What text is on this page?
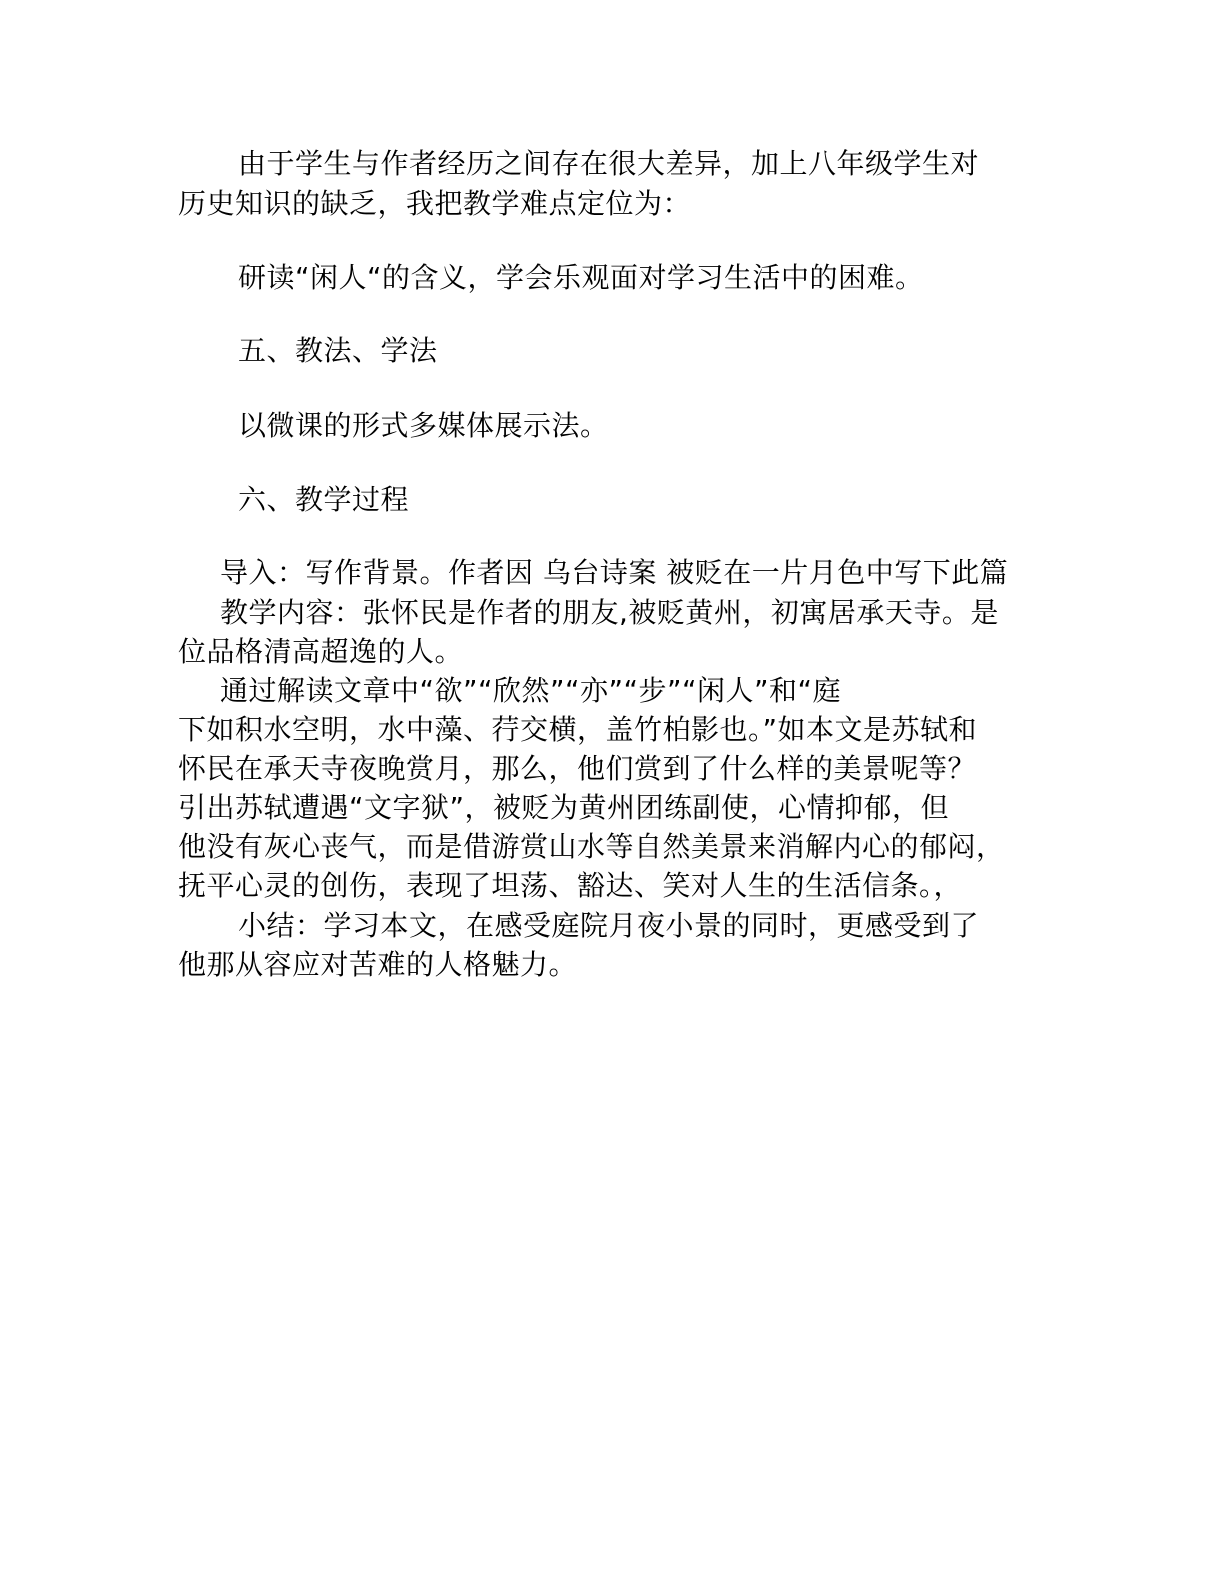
由于学生与作者经历之间存在很大差异，加上八年级学生对
历史知识的缺乏，我把教学难点定位为：
研读“闲人“的含义，学会乐观面对学习生活中的困难。
五、教法、学法
以微课的形式多媒体展示法。
六、教学过程
导入：写作背景。作者因 乌台诗案 被贬在一片月色中写下此篇
教学内容：张怀民是作者的朋友,被贬黄州，初寓居承天寺。是
位品格清高超逸的人。
通过解读文章中“欲”“欣然”“亦”“步”“闲人”和“庭
下如积水空明，水中藻、荇交横，盖竹柏影也。”如本文是苏轼和
怀民在承天寺夜晚赏月，那么，他们赏到了什么样的美景呢等？
引出苏轼遭遇“文字狱”，被贬为黄州团练副使，心情抑郁，但
他没有灰心丧气，而是借游赏山水等自然美景来消解内心的郁闷，
抚平心灵的创伤，表现了坦荡、豁达、笑对人生的生活信条。，
小结：学习本文，在感受庭院月夜小景的同时，更感受到了
他那从容应对苦难的人格魅力。
